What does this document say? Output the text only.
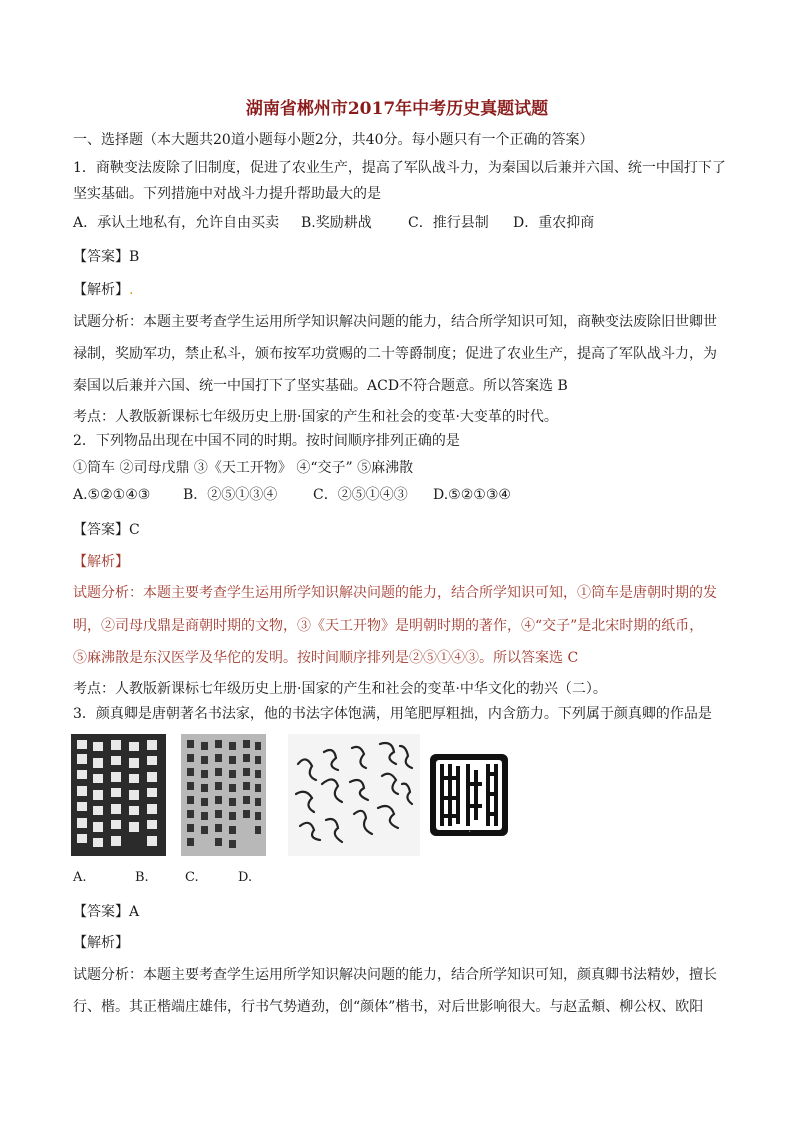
湖南省郴州市2017年中考历史真题试题
一、选择题（本大题共20道小题每小题2分，共40分。每小题只有一个正确的答案）
1．商鞅变法废除了旧制度，促进了农业生产，提高了军队战斗力，为秦国以后兼并六国、统一中国打下了
坚实基础。下列措施中对战斗力提升帮助最大的是
A．承认土地私有，允许自由买卖 B.奖励耕战	C．推行县制 D．重农抑商
【答案】B
【解析】.
试题分析：本题主要考查学生运用所学知识解决问题的能力，结合所学知识可知，商鞅变法废除旧世卿世
禄制，奖励军功，禁止私斗，颁布按军功赏赐的二十等爵制度；促进了农业生产，提高了军队战斗力，为
秦国以后兼并六国、统一中国打下了坚实基础。ACD不符合题意。所以答案选 B
考点：人教版新课标七年级历史上册·国家的产生和社会的变革·大变革的时代。
2．下列物品出现在中国不同的时期。按时间顺序排列正确的是
①筒车 ②司母戊鼎 ③《天工开物》 ④“交子” ⑤麻沸散
A.⑤②①④③ B．②⑤①③④	C．②⑤①④③ D.⑤②①③④
【答案】C
【解析】
试题分析：本题主要考查学生运用所学知识解决问题的能力，结合所学知识可知，①筒车是唐朝时期的发
明，②司母戊鼎是商朝时期的文物，③《天工开物》是明朝时期的著作，④“交子”是北宋时期的纸币，
⑤麻沸散是东汉医学及华佗的发明。按时间顺序排列是②⑤①④③。所以答案选 C
考点：人教版新课标七年级历史上册·国家的产生和社会的变革·中华文化的勃兴（二）。
3．颜真卿是唐朝著名书法家，他的书法字体饱满，用笔肥厚粗拙，内含筋力。下列属于颜真卿的作品是
國王
A.	B.	C.	D.
【答案】A
【解析】
试题分析：本题主要考查学生运用所学知识解决问题的能力，结合所学知识可知，颜真卿书法精妙，擅长
行、楷。其正楷端庄雄伟，行书气势遒劲，创“颜体”楷书，对后世影响很大。与赵孟頫、柳公权、欧阳
